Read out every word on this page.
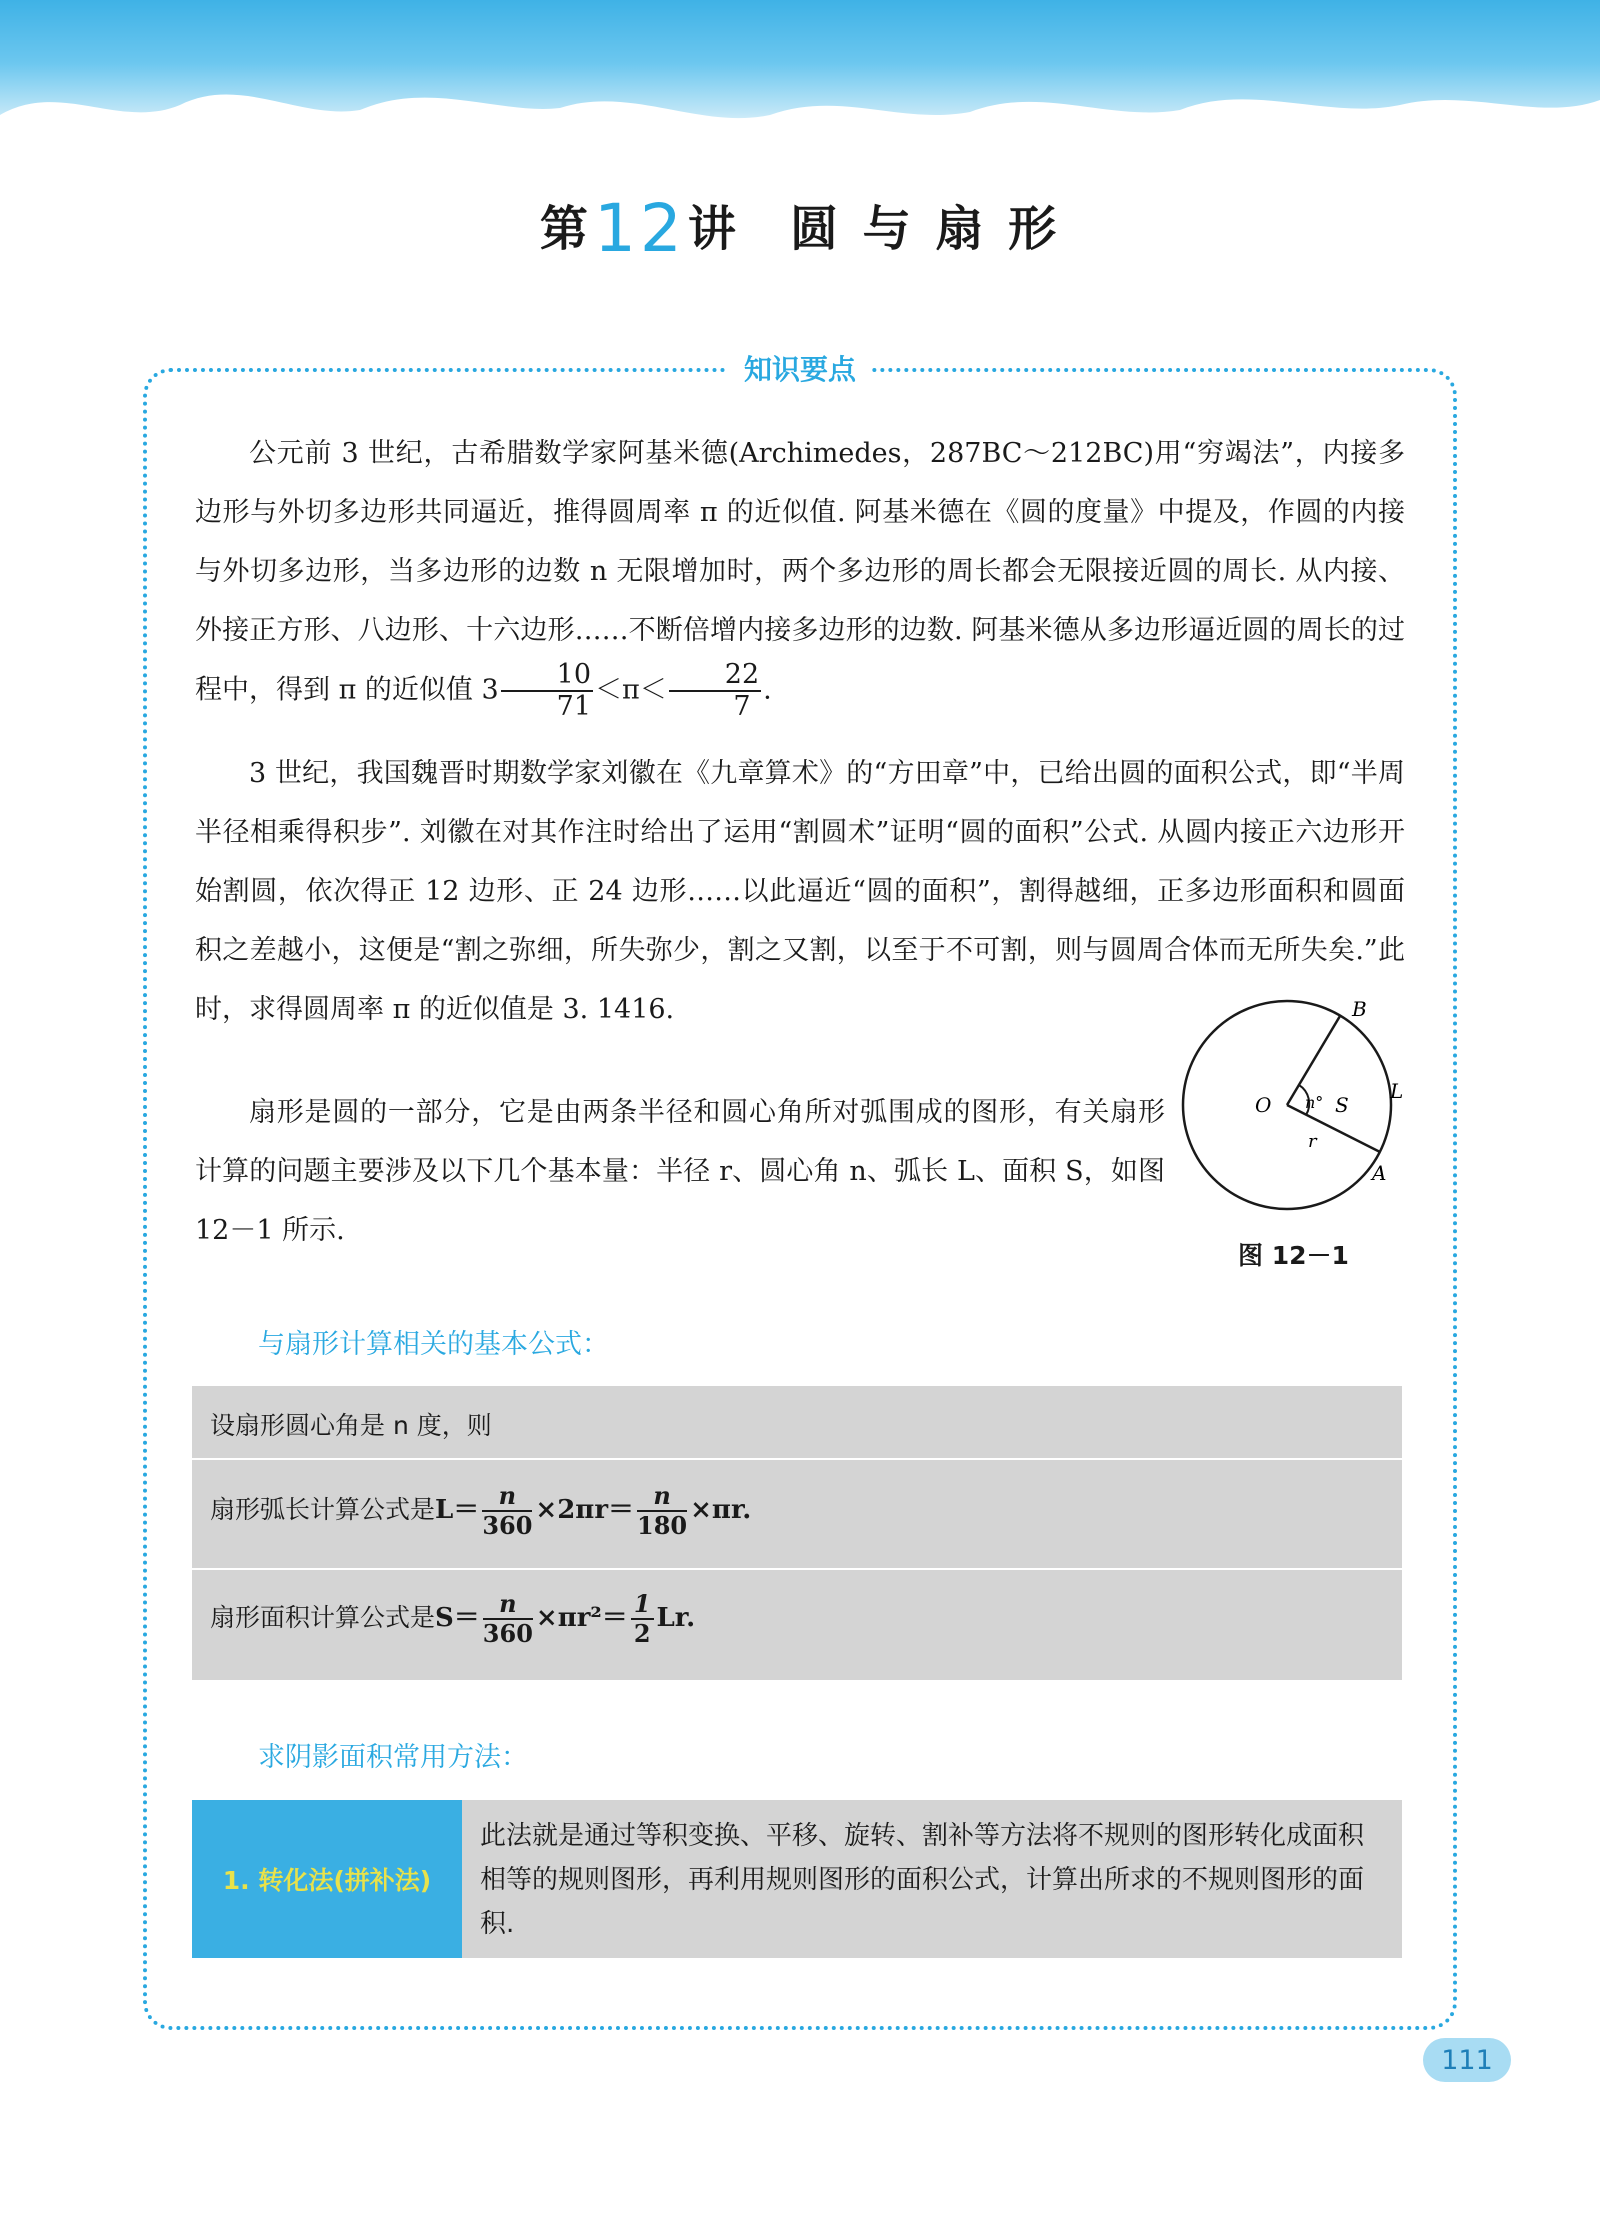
第12讲 圆 与 扇 形
知识要点

公元前 3 世纪，古希腊数学家阿基米德(Archimedes，287BC～212BC)用“穷竭法”，内接多边形与外切多边形共同逼近，推得圆周率 π 的近似值. 阿基米德在《圆的度量》中提及，作圆的内接与外切多边形，当多边形的边数 n 无限增加时，两个多边形的周长都会无限接近圆的周长. 从内接、外接正方形、八边形、十六边形……不断倍增内接多边形的边数. 阿基米德从多边形逼近圆的周长的过程中，得到 π 的近似值 $3 \frac{10}{71} <\pi< \frac{22}{7}$ .

3 世纪，我国魏晋时期数学家刘徽在《九章算术》的“方田章”中，已给出圆的面积公式，即“半周半径相乘得积步”. 刘徽在对其作注时给出了运用“割圆术”证明“圆的面积”公式. 从圆内接正六边形开始割圆，依次得正 12 边形、正 24 边形……以此逼近“圆的面积”，割得越细，正多边形面积和圆面积之差越小，这便是“割之弥细，所失弥少，割之又割，以至于不可割，则与圆周合体而无所失矣.”此时，求得圆周率 π 的近似值是 3. 1416.

扇形是圆的一部分，它是由两条半径和圆心角所对弧围成的图形，有关扇形计算的问题主要涉及以下几个基本量：半径 r、圆心角 n、弧长 L、面积 S，如图 12－1 所示.

B
A
O n° S
L
r
图 12－1
与扇形计算相关的基本公式：
设扇形圆心角是 n 度，则
扇形弧长计算公式是$L= \frac{n}{360} \times 2\pi r= \frac{n}{180} \times\pi r$.
扇形面积计算公式是$S= \frac{n}{360} \times\pi r^2= \frac{1}{2} Lr$.
求阴影面积常用方法：
1. 转化法(拼补法)

此法就是通过等积变换、平移、旋转、割补等方法将不规则的图形转化成面积相等的规则图形，再利用规则图形的面积公式，计算出所求的不规则图形的面积.

111
